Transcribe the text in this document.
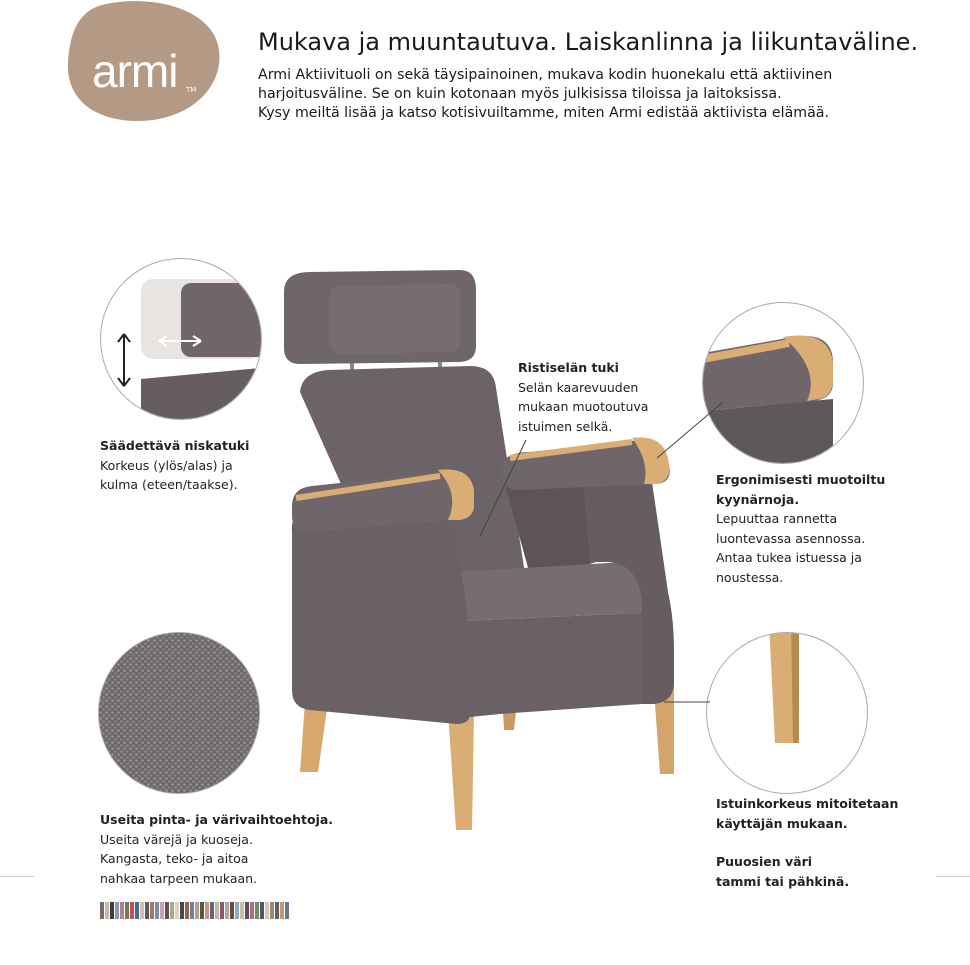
armi TM
Mukava ja muuntautuva. Laiskanlinna ja liikuntaväline.
Armi Aktiivituoli on sekä täysipainoinen, mukava kodin huonekalu että aktiivinen
harjoitusväline. Se on kuin kotonaan myös julkisissa tiloissa ja laitoksissa.
Kysy meiltä lisää ja katso kotisivuiltamme, miten Armi edistää aktiivista elämää.
Säädettävä niskatuki
Korkeus (ylös/alas) ja
kulma (eteen/taakse).
Ristiselän tuki
Selän kaarevuuden
mukaan muotoutuva
istuimen selkä.
Ergonimisesti muotoiltu
kyynärnoja.
Lepuuttaa rannetta
luontevassa asennossa.
Antaa tukea istuessa ja
noustessa.
Useita pinta- ja värivaihtoehtoja.
Useita värejä ja kuoseja.
Kangasta, teko- ja aitoa
nahkaa tarpeen mukaan.
Istuinkorkeus mitoitetaan
käyttäjän mukaan.
Puuosien väri
tammi tai pähkinä.
